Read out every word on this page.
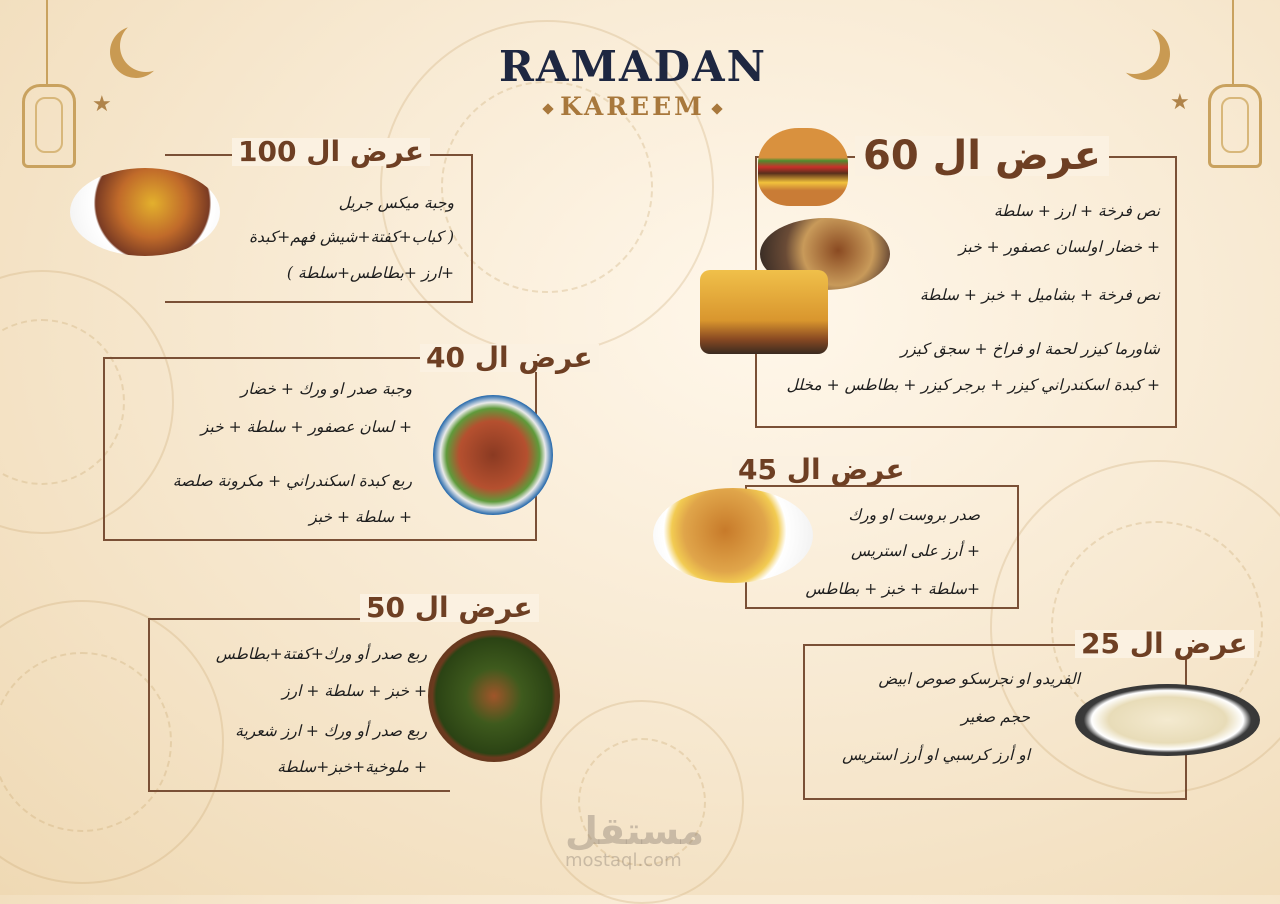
★	★
RAMADAN
KAREEM
عرض ال 100
وجبة ميكس جريل
( كباب+كفتة+شيش فهم+كبدة
+ارز +بطاطس+سلطة )
عرض ال 40
وجبة صدر او ورك + خضار
+ لسان عصفور + سلطة + خبز
ربع كبدة اسكندراني + مكرونة صلصة
+ سلطة + خبز
عرض ال 50
ربع صدر أو ورك+كفتة+بطاطس
+ خبز + سلطة + ارز
ربع صدر أو ورك + ارز شعرية
+ ملوخية+خبز+سلطة
عرض ال 60
نص فرخة + ارز + سلطة
+ خضار اولسان عصفور + خبز
نص فرخة + بشاميل + خبز + سلطة
شاورما كيزر لحمة او فراخ + سجق كيزر
+ كبدة اسكندراني كيزر + برجر كيزر + بطاطس + مخلل
عرض ال 45
صدر بروست او ورك
+ أرز على استريس
+سلطة + خبز + بطاطس
عرض ال 25
الفريدو او نجرسكو صوص ابيض
حجم صغير
او أرز كرسبي او أرز استريس
مستقل
mostaql.com
